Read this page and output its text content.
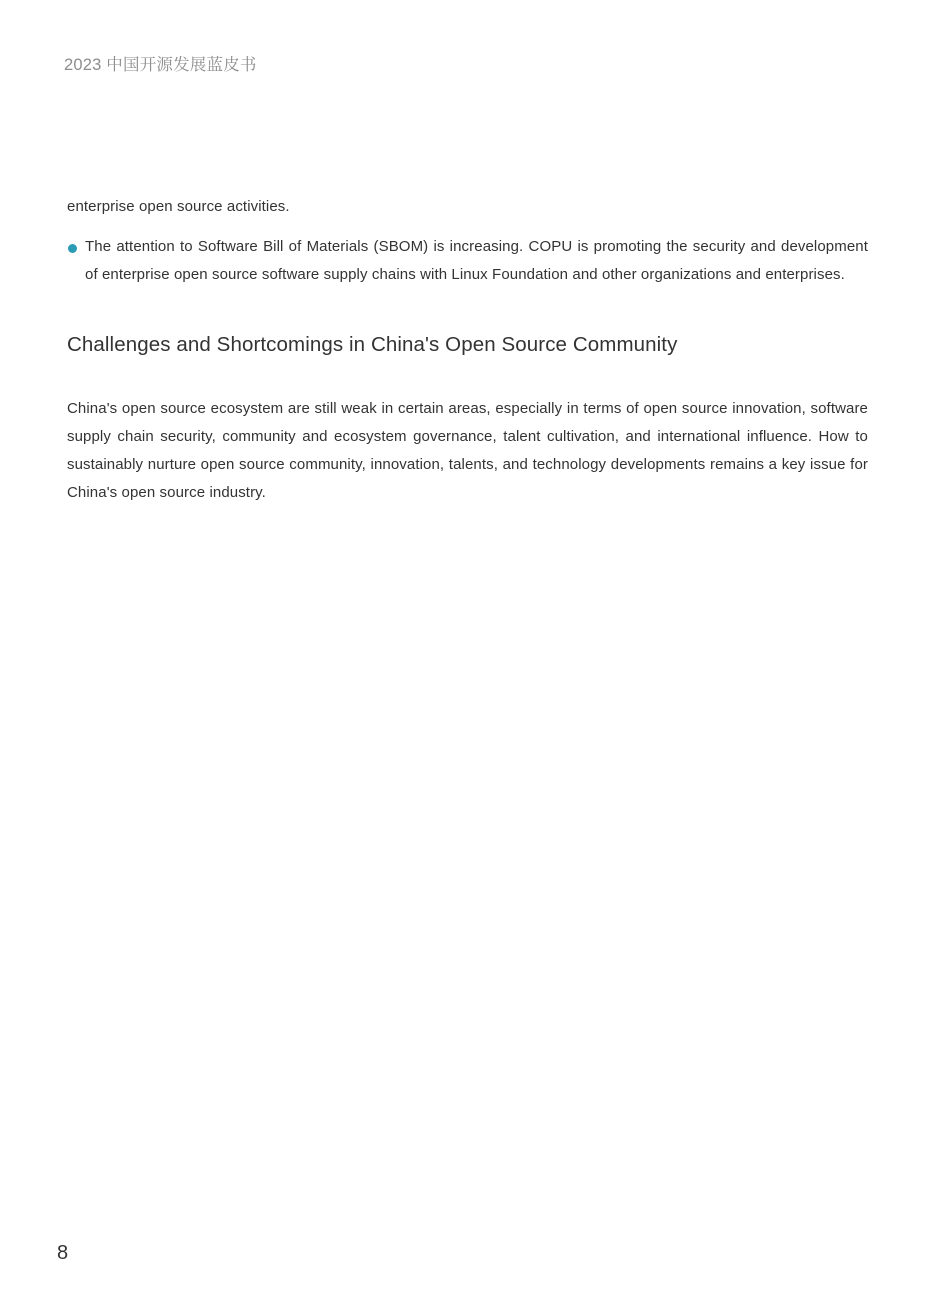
2023 中国开源发展蓝皮书

enterprise open source activities.

The attention to Software Bill of Materials (SBOM) is increasing. COPU is promoting the security and development of enterprise open source software supply chains with Linux Foundation and other organizations and enterprises.
Challenges and Shortcomings in China's Open Source Community

China's open source ecosystem are still weak in certain areas, especially in terms of open source innovation, software supply chain security, community and ecosystem governance, talent cultivation, and international influence. How to sustainably nurture open source community, innovation, talents, and technology developments remains a key issue for China's open source industry.

8
